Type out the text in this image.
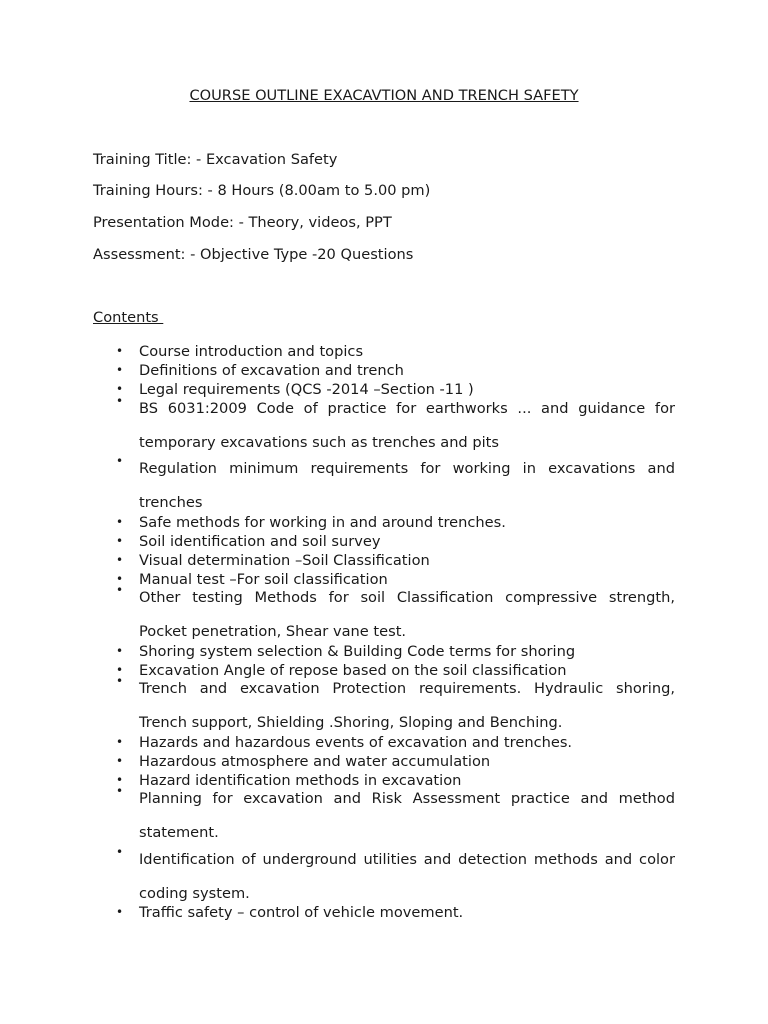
COURSE OUTLINE EXACAVTION AND TRENCH SAFETY
Training Title: - Excavation Safety
Training Hours: - 8 Hours (8.00am to 5.00 pm)
Presentation Mode: - Theory, videos, PPT
Assessment: - Objective Type -20 Questions
Contents
• Course introduction and topics
• Definitions of excavation and trench
• Legal requirements (QCS -2014 –Section -11 )
• BS 6031:2009 Code of practice for earthworks ... and guidance for temporary excavations such as trenches and pits
• Regulation minimum requirements for working in excavations and trenches
• Safe methods for working in and around trenches.
• Soil identification and soil survey
• Visual determination –Soil Classification
• Manual test –For soil classification
• Other testing Methods for soil Classification compressive strength, Pocket penetration, Shear vane test.
• Shoring system selection & Building Code terms for shoring
• Excavation Angle of repose based on the soil classification
• Trench and excavation Protection requirements. Hydraulic shoring, Trench support, Shielding .Shoring, Sloping and Benching.
• Hazards and hazardous events of excavation and trenches.
• Hazardous atmosphere and water accumulation
• Hazard identification methods in excavation
• Planning for excavation and Risk Assessment practice and method statement.
• Identification of underground utilities and detection methods and color coding system.
• Traffic safety – control of vehicle movement.
